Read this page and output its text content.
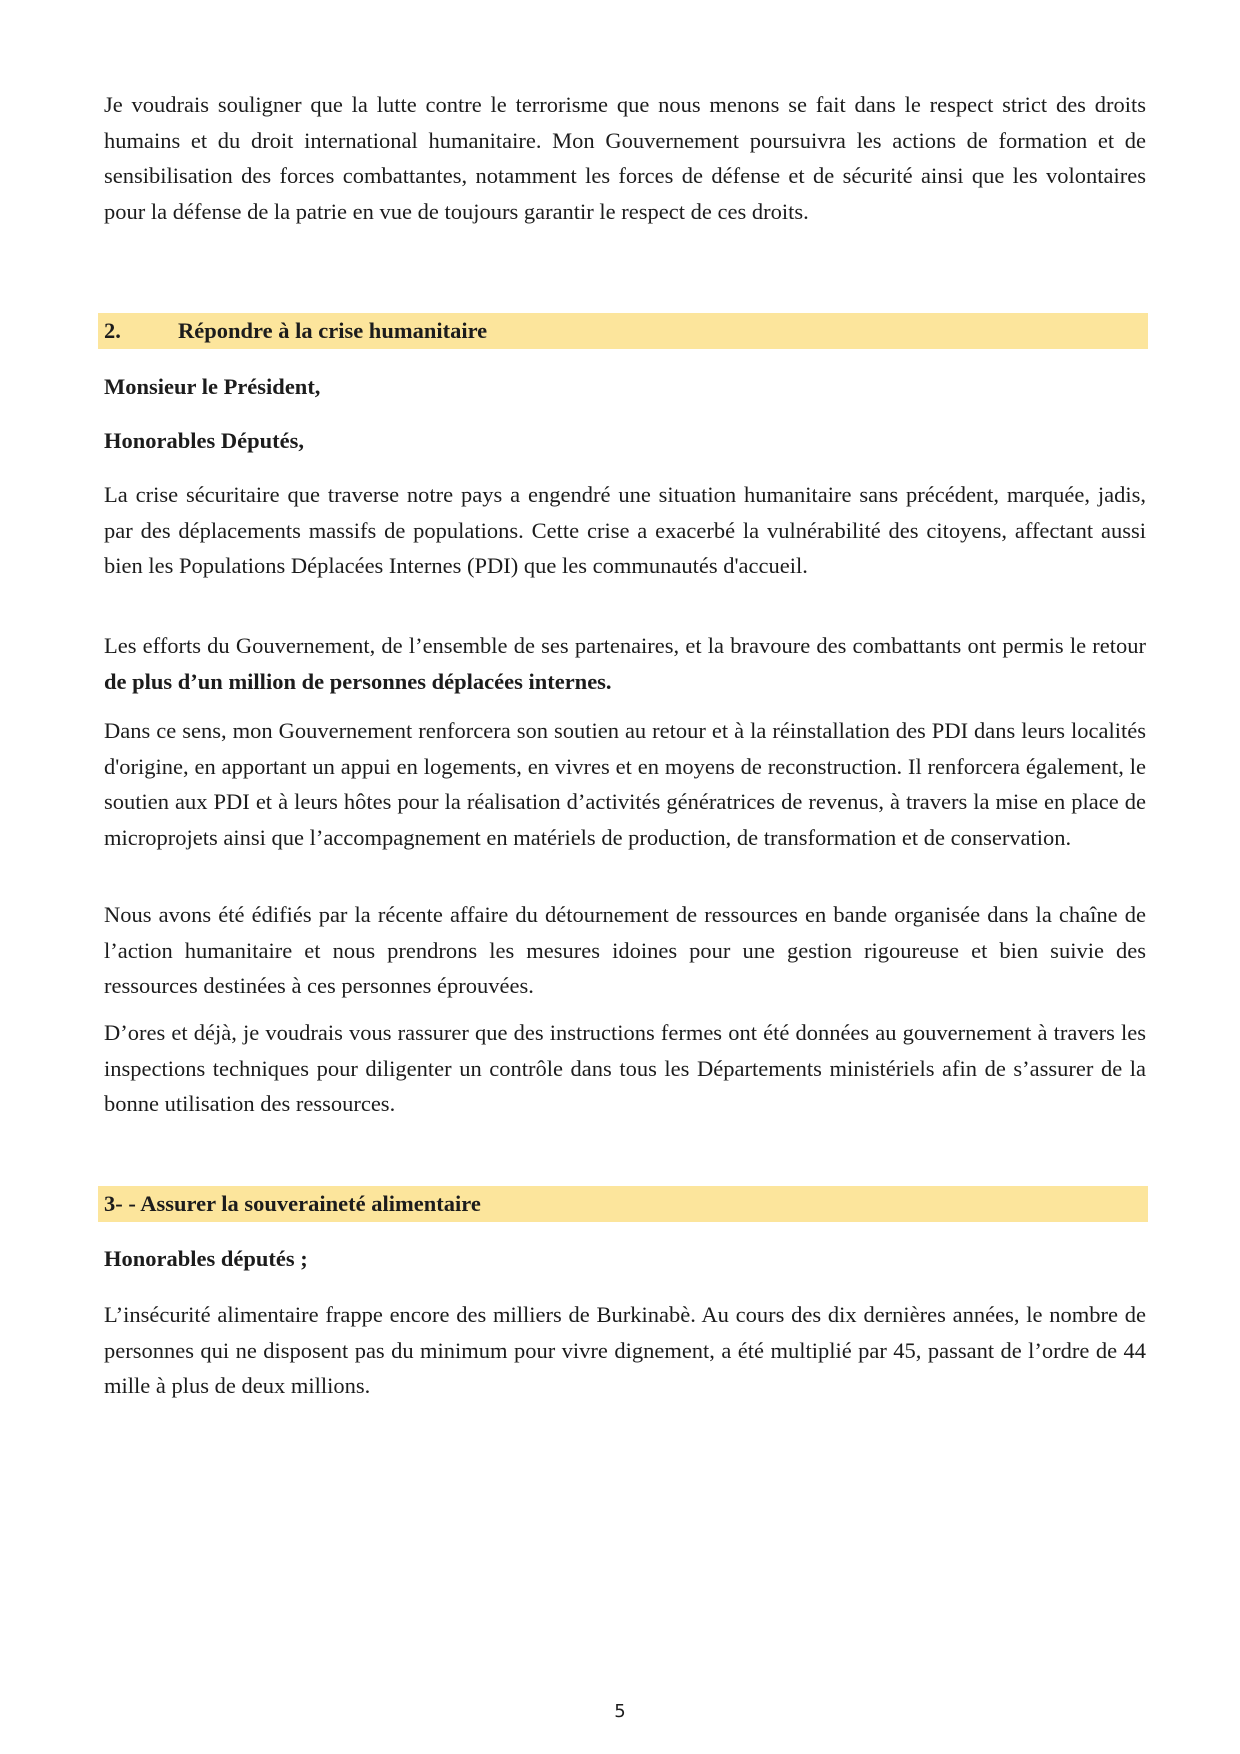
Je voudrais souligner que la lutte contre le terrorisme que nous menons se fait dans le respect strict des droits humains et du droit international humanitaire. Mon Gouvernement poursuivra les actions de formation et de sensibilisation des forces combattantes, notamment les forces de défense et de sécurité ainsi que les volontaires pour la défense de la patrie en vue de toujours garantir le respect de ces droits.

2.	Répondre à la crise humanitaire

Monsieur le Président,

Honorables Députés,

La crise sécuritaire que traverse notre pays a engendré une situation humanitaire sans précédent, marquée, jadis, par des déplacements massifs de populations. Cette crise a exacerbé la vulnérabilité des citoyens, affectant aussi bien les Populations Déplacées Internes (PDI) que les communautés d'accueil.

Les efforts du Gouvernement, de l’ensemble de ses partenaires, et la bravoure des combattants ont permis le retour de plus d’un million de personnes déplacées internes.

Dans ce sens, mon Gouvernement renforcera son soutien au retour et à la réinstallation des PDI dans leurs localités d'origine, en apportant un appui en logements, en vivres et en moyens de reconstruction. Il renforcera également, le soutien aux PDI et à leurs hôtes pour la réalisation d’activités génératrices de revenus, à travers la mise en place de microprojets ainsi que l’accompagnement en matériels de production, de transformation et de conservation.

Nous avons été édifiés par la récente affaire du détournement de ressources en bande organisée dans la chaîne de l’action humanitaire et nous prendrons les mesures idoines pour une gestion rigoureuse et bien suivie des ressources destinées à ces personnes éprouvées.

D’ores et déjà, je voudrais vous rassurer que des instructions fermes ont été données au gouvernement à travers les inspections techniques pour diligenter un contrôle dans tous les Départements ministériels afin de s’assurer de la bonne utilisation des ressources.

3- - Assurer la souveraineté alimentaire

Honorables députés ;

L’insécurité alimentaire frappe encore des milliers de Burkinabè. Au cours des dix dernières années, le nombre de personnes qui ne disposent pas du minimum pour vivre dignement, a été multiplié par 45, passant de l’ordre de 44 mille à plus de deux millions.

5
